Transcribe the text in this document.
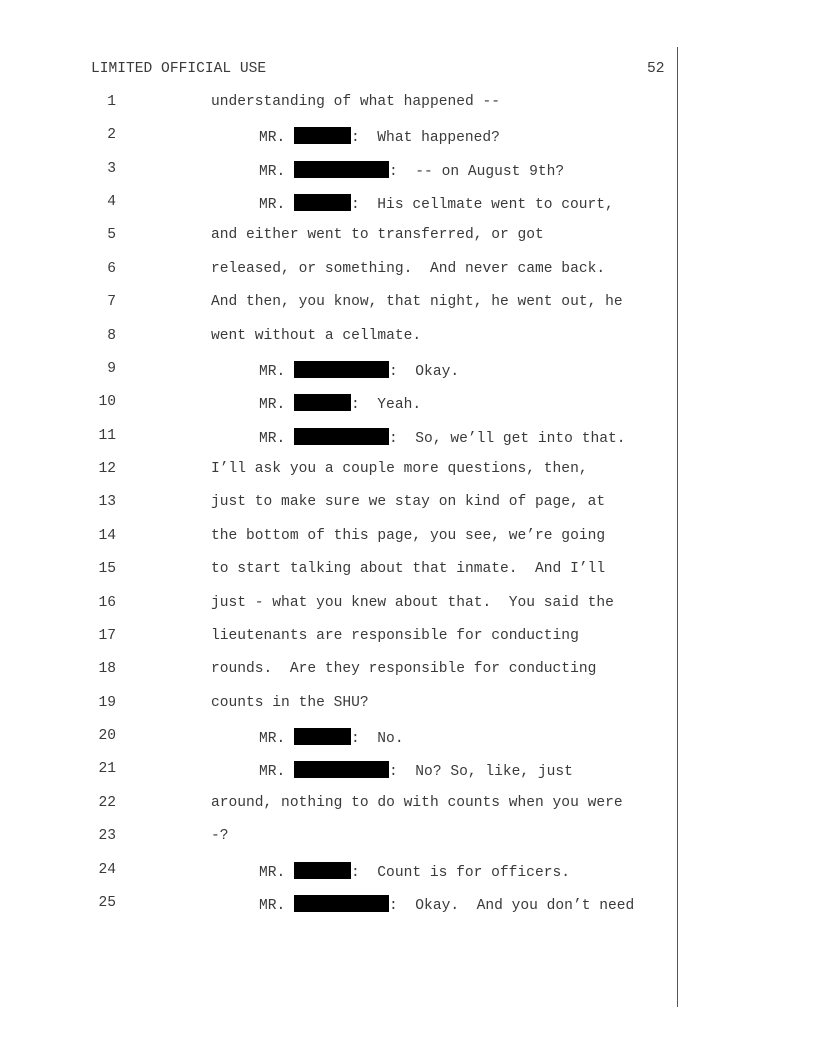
LIMITED OFFICIAL USE	52
1	understanding of what happened --
2	MR.	:  What happened?
3	MR.	:  -- on August 9th?
4	MR.	:  His cellmate went to court,
5	and either went to transferred, or got
6	released, or something.  And never came back.
7	And then, you know, that night, he went out, he
8	went without a cellmate.
9	MR.	:  Okay.
10	MR.	:  Yeah.
11	MR.	:  So, we’ll get into that.
12	I’ll ask you a couple more questions, then,
13	just to make sure we stay on kind of page, at
14	the bottom of this page, you see, we’re going
15	to start talking about that inmate.  And I’ll
16	just - what you knew about that.  You said the
17	lieutenants are responsible for conducting
18	rounds.  Are they responsible for conducting
19	counts in the SHU?
20	MR.	:  No.
21	MR.	:  No? So, like, just
22	around, nothing to do with counts when you were
23	-?
24	MR.	:  Count is for officers.
25	MR.	:  Okay.  And you don’t need
